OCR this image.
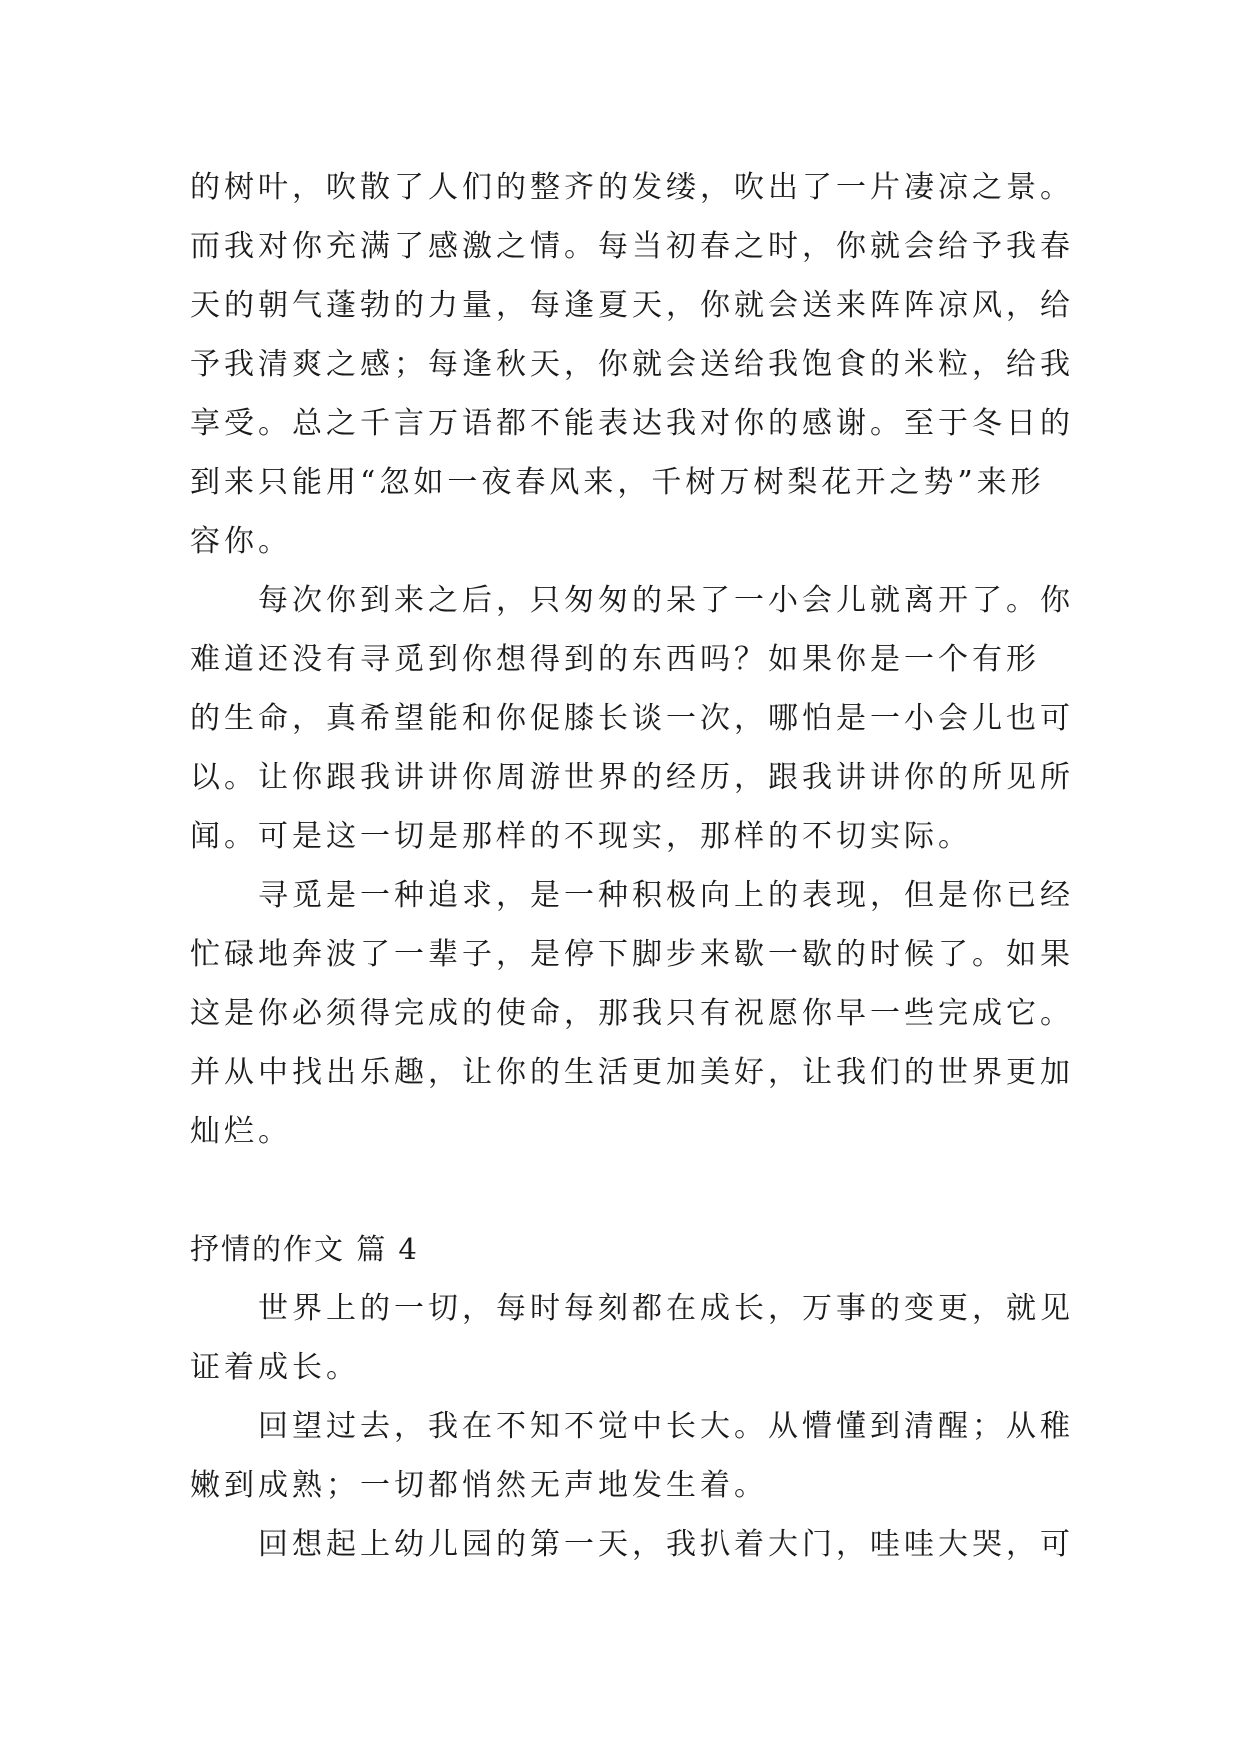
的树叶，吹散了人们的整齐的发缕，吹出了一片凄凉之景。
而我对你充满了感激之情。每当初春之时，你就会给予我春
天的朝气蓬勃的力量，每逢夏天，你就会送来阵阵凉风，给
予我清爽之感；每逢秋天，你就会送给我饱食的米粒，给我
享受。总之千言万语都不能表达我对你的感谢。至于冬日的
到来只能用“忽如一夜春风来，千树万树梨花开之势”来形
容你。
每次你到来之后，只匆匆的呆了一小会儿就离开了。你
难道还没有寻觅到你想得到的东西吗？如果你是一个有形
的生命，真希望能和你促膝长谈一次，哪怕是一小会儿也可
以。让你跟我讲讲你周游世界的经历，跟我讲讲你的所见所
闻。可是这一切是那样的不现实，那样的不切实际。
寻觅是一种追求，是一种积极向上的表现，但是你已经
忙碌地奔波了一辈子，是停下脚步来歇一歇的时候了。如果
这是你必须得完成的使命，那我只有祝愿你早一些完成它。
并从中找出乐趣，让你的生活更加美好，让我们的世界更加
灿烂。
抒情的作文 篇 4
世界上的一切，每时每刻都在成长，万事的变更，就见
证着成长。
回望过去，我在不知不觉中长大。从懵懂到清醒；从稚
嫩到成熟；一切都悄然无声地发生着。
回想起上幼儿园的第一天，我扒着大门，哇哇大哭，可
